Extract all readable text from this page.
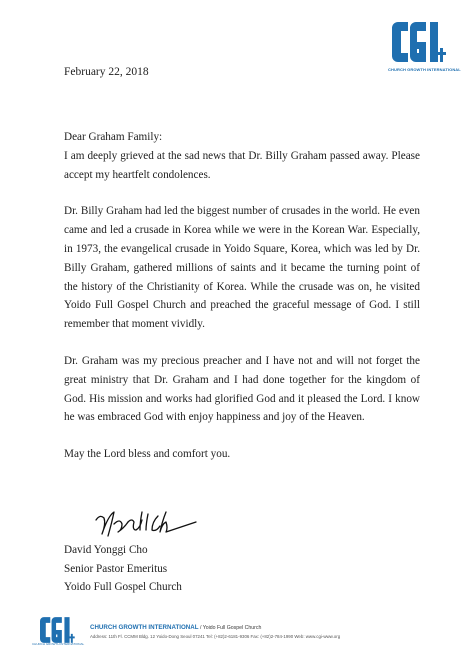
CHURCH GROWTH INTERNATIONAL
February 22, 2018

Dear Graham Family:

I am deeply grieved at the sad news that Dr. Billy Graham passed away. Please accept my heartfelt condolences.

Dr. Billy Graham had led the biggest number of crusades in the world. He even came and led a crusade in Korea while we were in the Korean War. Especially, in 1973, the evangelical crusade in Yoido Square, Korea, which was led by Dr. Billy Graham, gathered millions of saints and it became the turning point of the history of the Christianity of Korea. While the crusade was on, he visited Yoido Full Gospel Church and preached the graceful message of God. I still remember that moment vividly.

Dr. Graham was my precious preacher and I have not and will not forget the great ministry that Dr. Graham and I had done together for the kingdom of God. His mission and works had glorified God and it pleased the Lord. I know he was embraced God with enjoy happiness and joy of the Heaven.

May the Lord bless and comfort you.

David Yonggi Cho
Senior Pastor Emeritus
Yoido Full Gospel Church
CHURCH GROWTH INTERNATIONAL
CHURCH GROWTH INTERNATIONAL / Yoido Full Gospel Church
Address: 11th Fl. CCMM Bldg. 12 Yoido-Dong Seoul 07241 Tel: (+82)2-6181-9306 Fax: (+82)2-784-1990 Web: www.cgi-www.org
